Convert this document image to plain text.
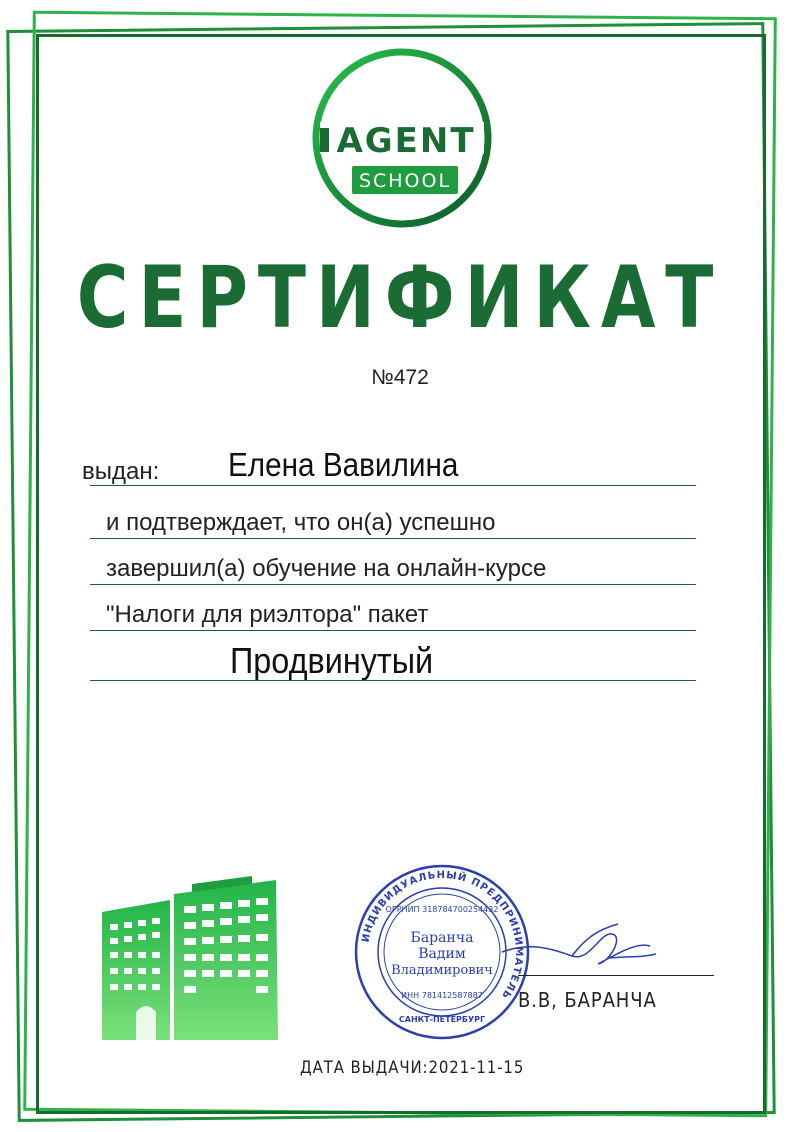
AGENT
SCHOOL
СЕРТИФИКАТ
№472
выдан: Елена Вавилина
и подтверждает, что он(а) успешно
завершил(а) обучение на онлайн-курсе
"Налоги для риэлтора" пакет
Продвинутый
ИНДИВИДУАЛЬНЫЙ ПРЕДПРИНИМАТЕЛЬ
ОГРНИП 318784700254432
Баранча
Вадим
Владимирович
ИНН 781412587887
САНКТ-ПЕТЕРБУРГ
В.В, БАРАНЧА
ДАТА ВЫДАЧИ:2021-11-15
